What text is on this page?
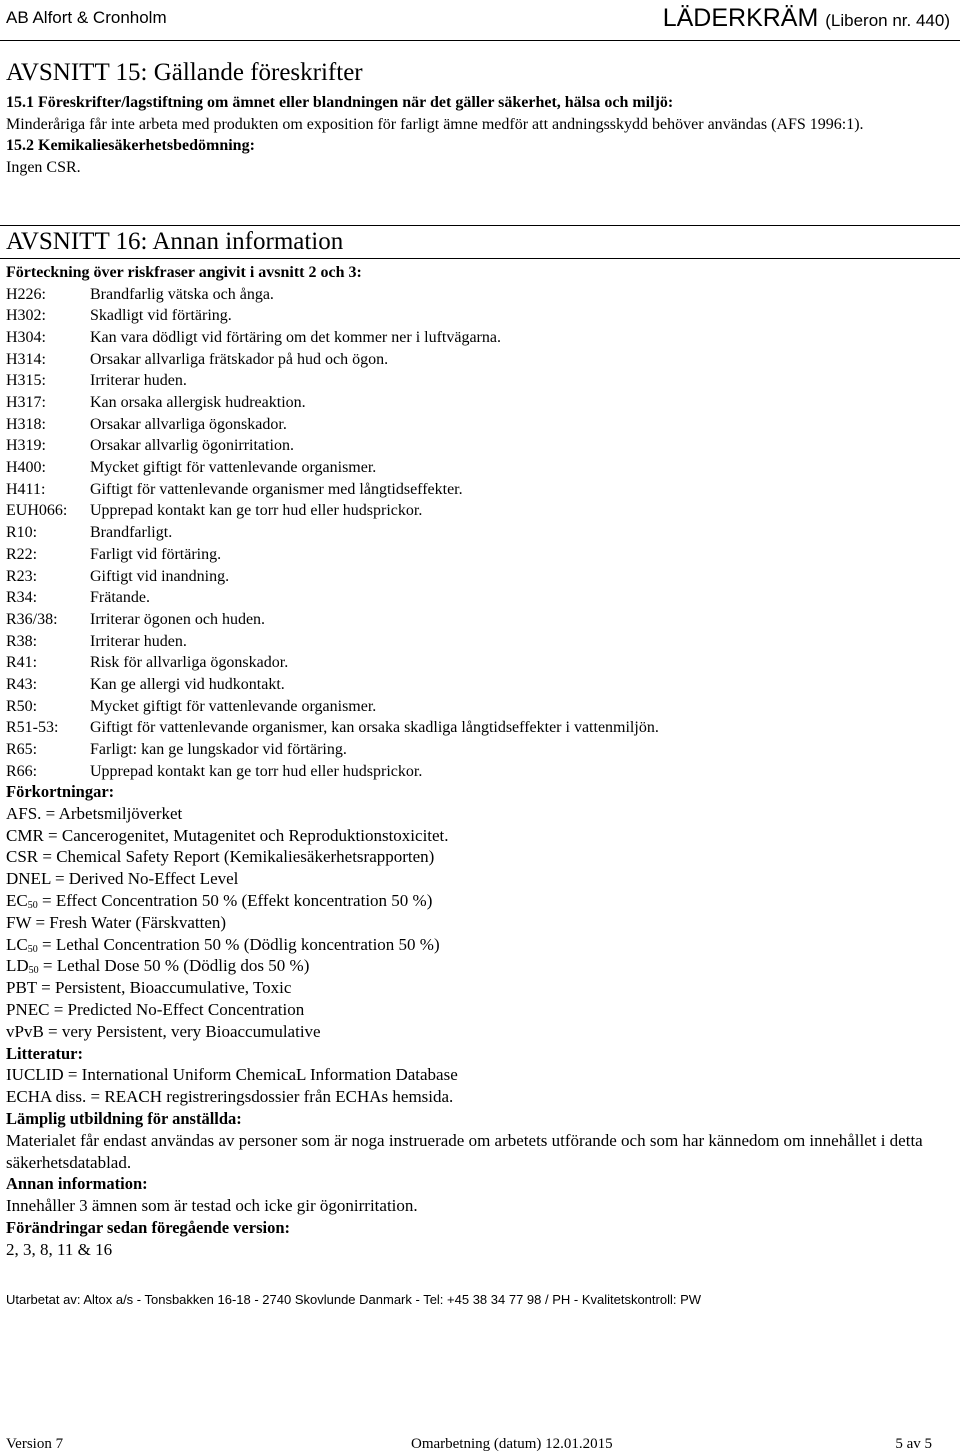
AB Alfort & Cronholm	LÄDERKRÄM (Liberon nr. 440)
AVSNITT 15: Gällande föreskrifter
15.1 Föreskrifter/lagstiftning om ämnet eller blandningen när det gäller säkerhet, hälsa och miljö:
Minderåriga får inte arbeta med produkten om exposition för farligt ämne medför att andningsskydd behöver användas (AFS 1996:1).
15.2 Kemikaliesäkerhetsbedömning:
Ingen CSR.
AVSNITT 16: Annan information
Förteckning över riskfraser angivit i avsnitt 2 och 3:
H226:	Brandfarlig vätska och ånga.
H302:	Skadligt vid förtäring.
H304:	Kan vara dödligt vid förtäring om det kommer ner i luftvägarna.
H314:	Orsakar allvarliga frätskador på hud och ögon.
H315:	Irriterar huden.
H317:	Kan orsaka allergisk hudreaktion.
H318:	Orsakar allvarliga ögonskador.
H319:	Orsakar allvarlig ögonirritation.
H400:	Mycket giftigt för vattenlevande organismer.
H411:	Giftigt för vattenlevande organismer med långtidseffekter.
EUH066: Upprepad kontakt kan ge torr hud eller hudsprickor.
R10:	Brandfarligt.
R22:	Farligt vid förtäring.
R23:	Giftigt vid inandning.
R34:	Frätande.
R36/38: Irriterar ögonen och huden.
R38:	Irriterar huden.
R41:	Risk för allvarliga ögonskador.
R43:	Kan ge allergi vid hudkontakt.
R50:	Mycket giftigt för vattenlevande organismer.
R51-53: Giftigt för vattenlevande organismer, kan orsaka skadliga långtidseffekter i vattenmiljön.
R65:	Farligt: kan ge lungskador vid förtäring.
R66:	Upprepad kontakt kan ge torr hud eller hudsprickor.
Förkortningar:
AFS. = Arbetsmiljöverket
CMR = Cancerogenitet, Mutagenitet och Reproduktionstoxicitet.
CSR = Chemical Safety Report (Kemikaliesäkerhetsrapporten)
DNEL = Derived No-Effect Level
$EC_{50}$ = Effect Concentration 50 % (Effekt koncentration 50 %)
FW = Fresh Water (Färskvatten)
$LC_{50}$ = Lethal Concentration 50 % (Dödlig koncentration 50 %)
$LD_{50}$ = Lethal Dose 50 % (Dödlig dos 50 %)
PBT = Persistent, Bioaccumulative, Toxic
PNEC = Predicted No-Effect Concentration
vPvB = very Persistent, very Bioaccumulative
Litteratur:
IUCLID = International Uniform ChemicaL Information Database
ECHA diss. = REACH registreringsdossier från ECHAs hemsida.
Lämplig utbildning för anställda:
Materialet får endast användas av personer som är noga instruerade om arbetets utförande och som har kännedom om innehållet i detta säkerhetsdatablad.
Annan information:
Innehåller 3 ämnen som är testad och icke gir ögonirritation.
Förändringar sedan föregående version:
2, 3, 8, 11 & 16
Utarbetat av: Altox a/s - Tonsbakken 16-18 - 2740 Skovlunde Danmark - Tel: +45 38 34 77 98 / PH - Kvalitetskontroll: PW
Version 7	Omarbetning (datum) 12.01.2015	5 av 5
